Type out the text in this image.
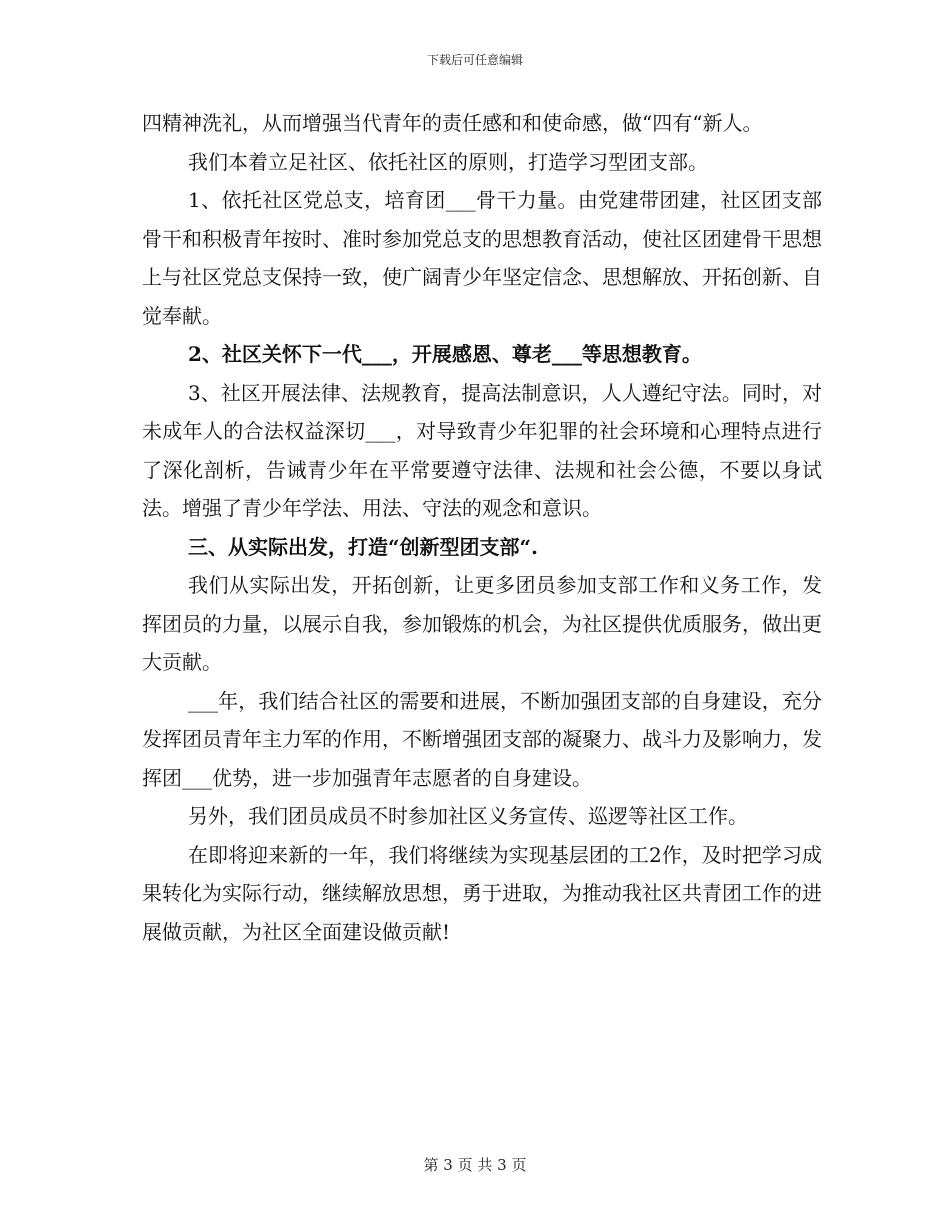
下载后可任意编辑

四精神洗礼，从而增强当代青年的责任感和和使命感，做“四有“新人。

我们本着立足社区、依托社区的原则，打造学习型团支部。

1、依托社区党总支，培育团___骨干力量。由党建带团建，社区团支部骨干和积极青年按时、准时参加党总支的思想教育活动，使社区团建骨干思想上与社区党总支保持一致，使广阔青少年坚定信念、思想解放、开拓创新、自觉奉献。

2、社区关怀下一代___，开展感恩、尊老___等思想教育。

3、社区开展法律、法规教育，提高法制意识，人人遵纪守法。同时，对未成年人的合法权益深切___，对导致青少年犯罪的社会环境和心理特点进行了深化剖析，告诫青少年在平常要遵守法律、法规和社会公德，不要以身试法。增强了青少年学法、用法、守法的观念和意识。

三、从实际出发，打造“创新型团支部“.

我们从实际出发，开拓创新，让更多团员参加支部工作和义务工作，发挥团员的力量，以展示自我，参加锻炼的机会，为社区提供优质服务，做出更大贡献。

___年，我们结合社区的需要和进展，不断加强团支部的自身建设，充分发挥团员青年主力军的作用，不断增强团支部的凝聚力、战斗力及影响力，发挥团___优势，进一步加强青年志愿者的自身建设。

另外，我们团员成员不时参加社区义务宣传、巡逻等社区工作。

在即将迎来新的一年，我们将继续为实现基层团的工2作，及时把学习成果转化为实际行动，继续解放思想，勇于进取，为推动我社区共青团工作的进展做贡献，为社区全面建设做贡献!

第 3 页 共 3 页
